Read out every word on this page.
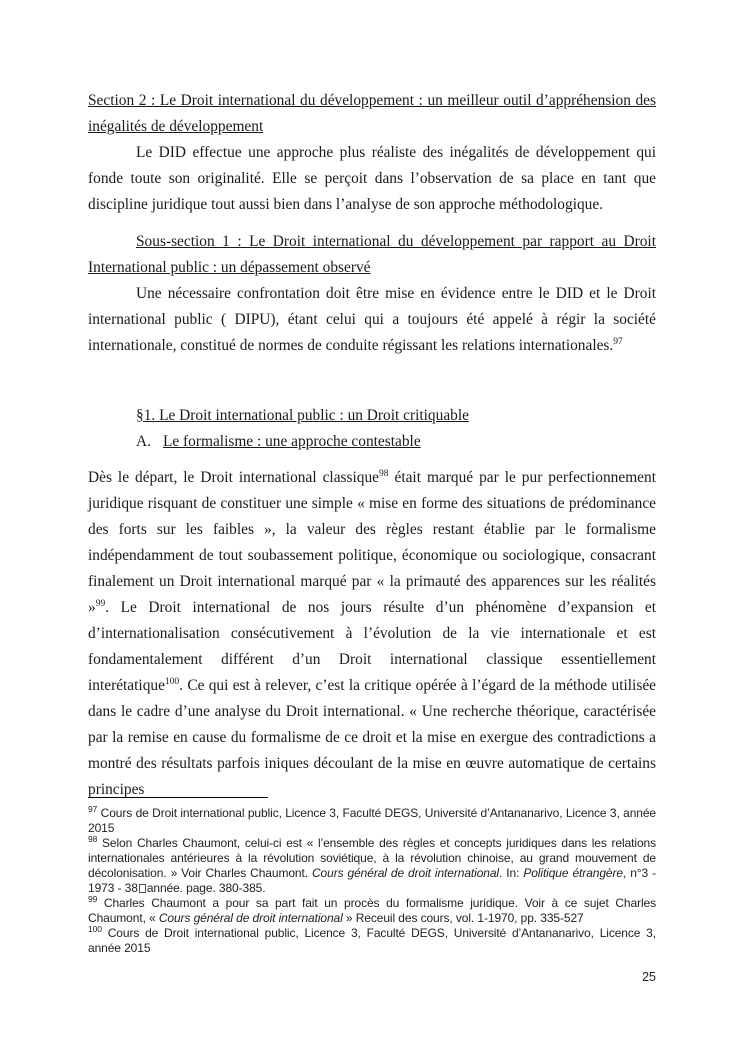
Section 2 : Le Droit international du développement : un meilleur outil d’appréhension des inégalités de développement

Le DID effectue une approche plus réaliste des inégalités de développement qui fonde toute son originalité. Elle se perçoit dans l’observation de sa place en tant que discipline juridique tout aussi bien dans l’analyse de son approche méthodologique.

Sous-section 1 : Le Droit international du développement par rapport au Droit International public : un dépassement observé

Une nécessaire confrontation doit être mise en évidence entre le DID et le Droit international public ( DIPU), étant celui qui a toujours été appelé à régir la société internationale, constitué de normes de conduite régissant les relations internationales.$^{97}$

§1. Le Droit international public : un Droit critiquable

A. Le formalisme : une approche contestable

Dès le départ, le Droit international classique$^{98}$ était marqué par le pur perfectionnement juridique risquant de constituer une simple « mise en forme des situations de prédominance des forts sur les faibles », la valeur des règles restant établie par le formalisme indépendamment de tout soubassement politique, économique ou sociologique, consacrant finalement un Droit international marqué par « la primauté des apparences sur les réalités »$^{99}$. Le Droit international de nos jours résulte d’un phénomène d’expansion et d’internationalisation consécutivement à l’évolution de la vie internationale et est fondamentalement différent d’un Droit international classique essentiellement interétatique$^{100}$. Ce qui est à relever, c’est la critique opérée à l’égard de la méthode utilisée dans le cadre d’une analyse du Droit international. « Une recherche théorique, caractérisée par la remise en cause du formalisme de ce droit et la mise en exergue des contradictions a montré des résultats parfois iniques découlant de la mise en œuvre automatique de certains principes

$^{97}$ Cours de Droit international public, Licence 3, Faculté DEGS, Université d’Antananarivo, Licence 3, année 2015
$^{98}$ Selon Charles Chaumont, celui-ci est « l’ensemble des règles et concepts juridiques dans les relations internationales antérieures à la révolution soviétique, à la révolution chinoise, au grand mouvement de décolonisation. » Voir Charles Chaumont. Cours général de droit international. In: Politique étrangère, n°3 - 1973 - 38 année. page. 380-385.
$^{99}$ Charles Chaumont a pour sa part fait un procès du formalisme juridique. Voir à ce sujet Charles Chaumont, « Cours général de droit international » Receuil des cours, vol. 1-1970, pp. 335-527
$^{100}$ Cours de Droit international public, Licence 3, Faculté DEGS, Université d’Antananarivo, Licence 3, année 2015
25
